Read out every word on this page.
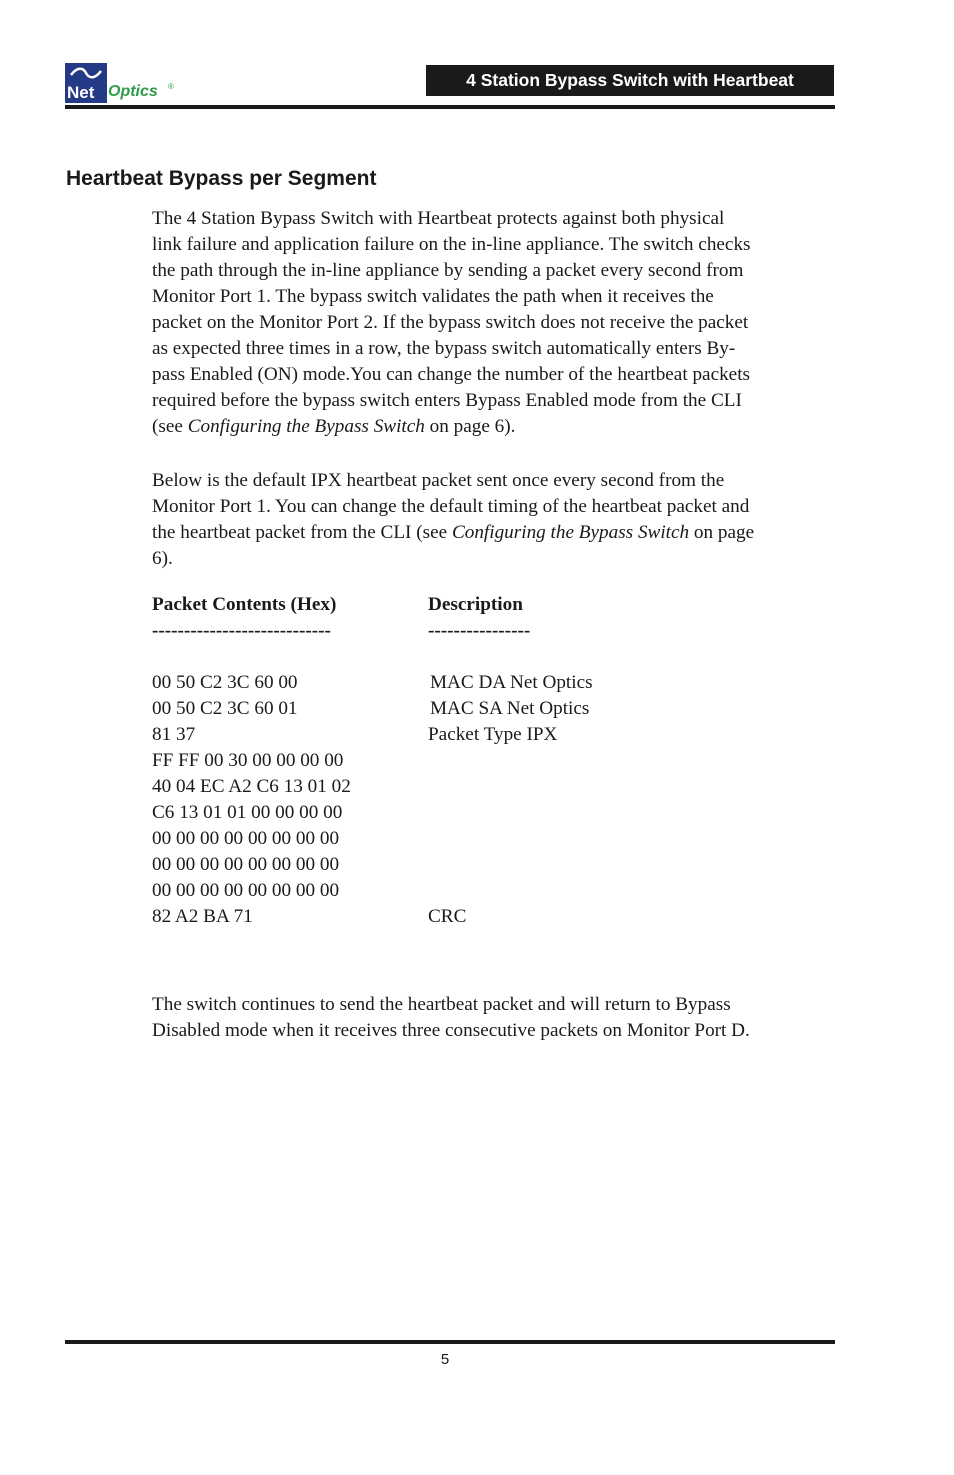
Net Optics ®	4 Station Bypass Switch with Heartbeat
Heartbeat Bypass per Segment
The 4 Station Bypass Switch with Heartbeat protects against both physical
link failure and application failure on the in-line appliance. The switch checks
the path through the in-line appliance by sending a packet every second from
Monitor Port 1. The bypass switch validates the path when it receives the
packet on the Monitor Port 2. If the bypass switch does not receive the packet
as expected three times in a row, the bypass switch automatically enters By-
pass Enabled (ON) mode.You can change the number of the heartbeat packets
required before the bypass switch enters Bypass Enabled mode from the CLI
(see Configuring the Bypass Switch on page 6).
Below is the default IPX heartbeat packet sent once every second from the
Monitor Port 1. You can change the default timing of the heartbeat packet and
the heartbeat packet from the CLI (see Configuring the Bypass Switch on page
6).
Packet Contents (Hex)	Description
----------------------------	----------------
00 50 C2 3C 60 00	MAC DA Net Optics
00 50 C2 3C 60 01	MAC SA Net Optics
81 37	Packet Type IPX
FF FF 00 30 00 00 00 00
40 04 EC A2 C6 13 01 02
C6 13 01 01 00 00 00 00
00 00 00 00 00 00 00 00
00 00 00 00 00 00 00 00
00 00 00 00 00 00 00 00
82 A2 BA 71	CRC
The switch continues to send the heartbeat packet and will return to Bypass
Disabled mode when it receives three consecutive packets on Monitor Port D.
5
